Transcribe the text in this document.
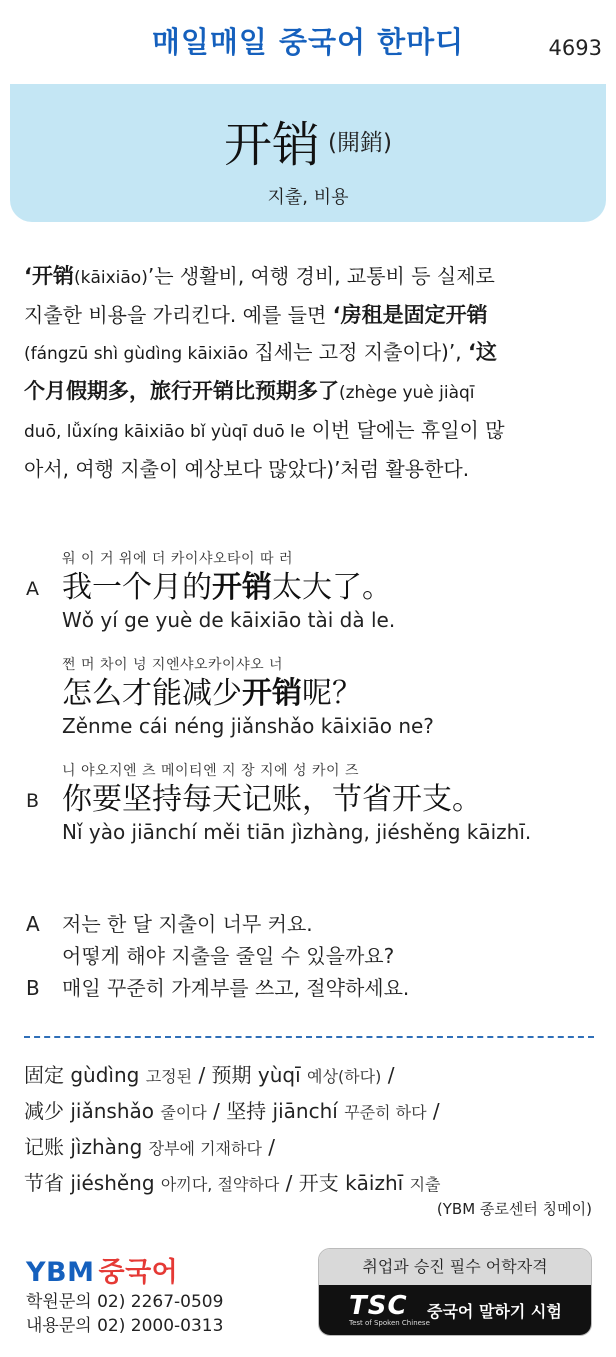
매일매일 중국어 한마디	4693
开销 (開銷)
지출, 비용
‘开销(kāixiāo)’는 생활비, 여행 경비, 교통비 등 실제로
지출한 비용을 가리킨다. 예를 들면 ‘房租是固定开销
(fángzū shì gùdìng kāixiāo 집세는 고정 지출이다)’, ‘这
个月假期多，旅行开销比预期多了(zhège yuè jiàqī
duō, lǚxíng kāixiāo bǐ yùqī duō le 이번 달에는 휴일이 많
아서, 여행 지출이 예상보다 많았다)’처럼 활용한다.
워 이 거 위에 더 카이샤오타이 따 러
A 我一个月的开销太大了。
Wǒ yí ge yuè de kāixiāo tài dà le.
쩐 머 차이 넝 지엔샤오카이샤오 너
怎么才能减少开销呢？
Zěnme cái néng jiǎnshǎo kāixiāo ne?
니 야오지엔 츠 메이티엔 지 장 지에 성 카이 즈
B 你要坚持每天记账，节省开支。
Nǐ yào jiānchí měi tiān jìzhàng, jiéshěng kāizhī.
A 저는 한 달 지출이 너무 커요.
어떻게 해야 지출을 줄일 수 있을까요?
B 매일 꾸준히 가계부를 쓰고, 절약하세요.
固定 gùdìng 고정된 / 预期 yùqī 예상(하다) /
减少 jiǎnshǎo 줄이다 / 坚持 jiānchí 꾸준히 하다 /
记账 jìzhàng 장부에 기재하다 /
节省 jiéshěng 아끼다, 절약하다 / 开支 kāizhī 지출
(YBM 종로센터 칭메이)
YBM 중국어
학원문의 02) 2267-0509
내용문의 02) 2000-0313
취업과 승진 필수 어학자격
TSC
Test of Spoken Chinese
중국어 말하기 시험
